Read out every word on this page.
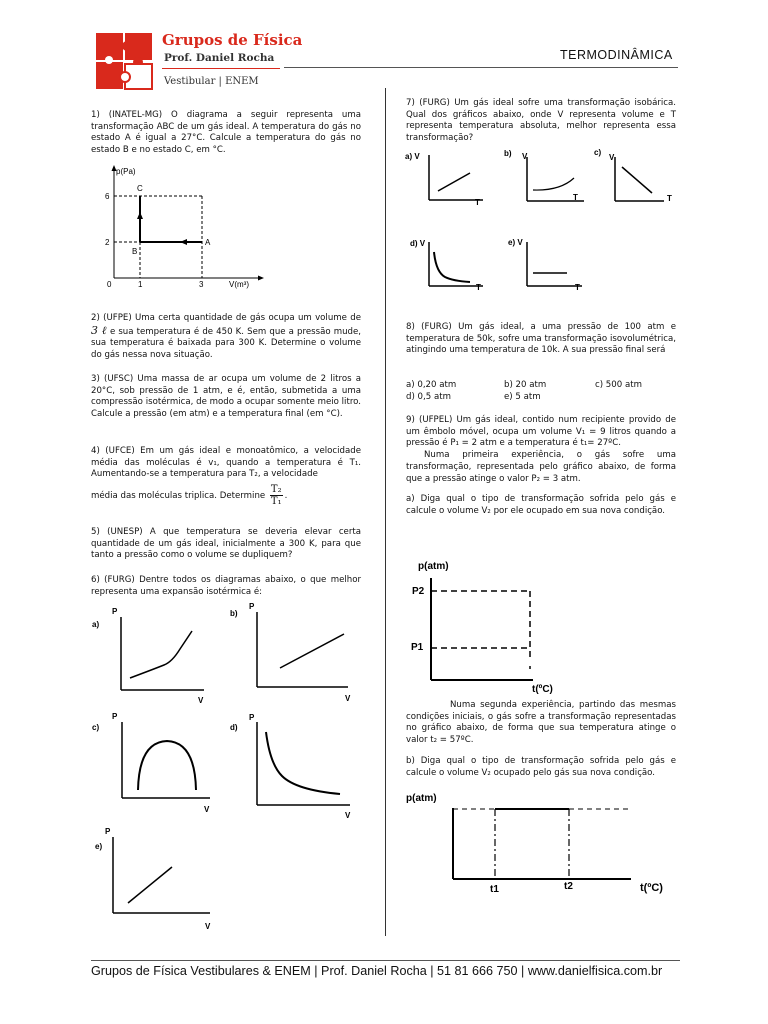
Grupos de Física
Prof. Daniel Rocha
Vestibular | ENEM
TERMODINÂMICA

1) (INATEL-MG) O diagrama a seguir representa uma transformação ABC de um gás ideal. A temperatura do gás no estado A é igual a 27°C. Calcule a temperatura do gás no estado B e no estado C, em °C.

p(Pa)
V(m³)
6
2
0	1	3
C
B
A

2) (UFPE) Uma certa quantidade de gás ocupa um volume de 3 ℓ e sua temperatura é de 450 K. Sem que a pressão mude, sua temperatura é baixada para 300 K. Determine o volume do gás nessa nova situação.

3) (UFSC) Uma massa de ar ocupa um volume de 2 litros a 20°C, sob pressão de 1 atm, e é, então, submetida a uma compressão isotérmica, de modo a ocupar somente meio litro. Calcule a pressão (em atm) e a temperatura final (em °C).

4) (UFCE) Em um gás ideal e monoatômico, a velocidade média das moléculas é v₁, quando a temperatura é T₁. Aumentando-se a temperatura para T₂, a velocidade

média das moléculas triplica. Determine $\frac{\text{T₂}}{\text{T₁}}$ .

5) (UNESP) A que temperatura se deveria elevar certa quantidade de um gás ideal, inicialmente a 300 K, para que tanto a pressão como o volume se dupliquem?

6) (FURG) Dentre todos os diagramas abaixo, o que melhor representa uma expansão isotérmica é:

a)
P
V
b)
P
V
c)
P
V
d)
P
V
e)
P
V

7) (FURG) Um gás ideal sofre uma transformação isobárica. Qual dos gráficos abaixo, onde V representa volume e T representa temperatura absoluta, melhor representa essa transformação?

a) V
T
b) V
T
c)
V
T
d) V
T
e) V
T

8) (FURG) Um gás ideal, a uma pressão de 100 atm e temperatura de 50k, sofre uma transformação isovolumétrica, atingindo uma temperatura de 10k. A sua pressão final será

a) 0,20 atm	b) 20 atm	c) 500 atm
d) 0,5 atm	e) 5 atm

9) (UFPEL) Um gás ideal, contido num recipiente provido de um êmbolo móvel, ocupa um volume V₁ = 9 litros quando a pressão é P₁ = 2 atm e a temperatura é t₁= 27ºC.

Numa primeira experiência, o gás sofre uma transformação, representada pelo gráfico abaixo, de forma que a pressão atinge o valor P₂ = 3 atm.

a) Diga qual o tipo de transformação sofrida pelo gás e calcule o volume V₂ por ele ocupado em sua nova condição.

p(atm)
P2
P1
t(ºC)

Numa segunda experiência, partindo das mesmas condições iniciais, o gás sofre a transformação representadas no gráfico abaixo, de forma que sua temperatura atinge o valor t₂ = 57ºC.

b) Diga qual o tipo de transformação sofrida pelo gás e calcule o volume V₂ ocupado pelo gás sua nova condição.

p(atm)
t1	t2	t(ºC)
Grupos de Física Vestibulares & ENEM | Prof. Daniel Rocha | 51 81 666 750 | www.danielfisica.com.br
